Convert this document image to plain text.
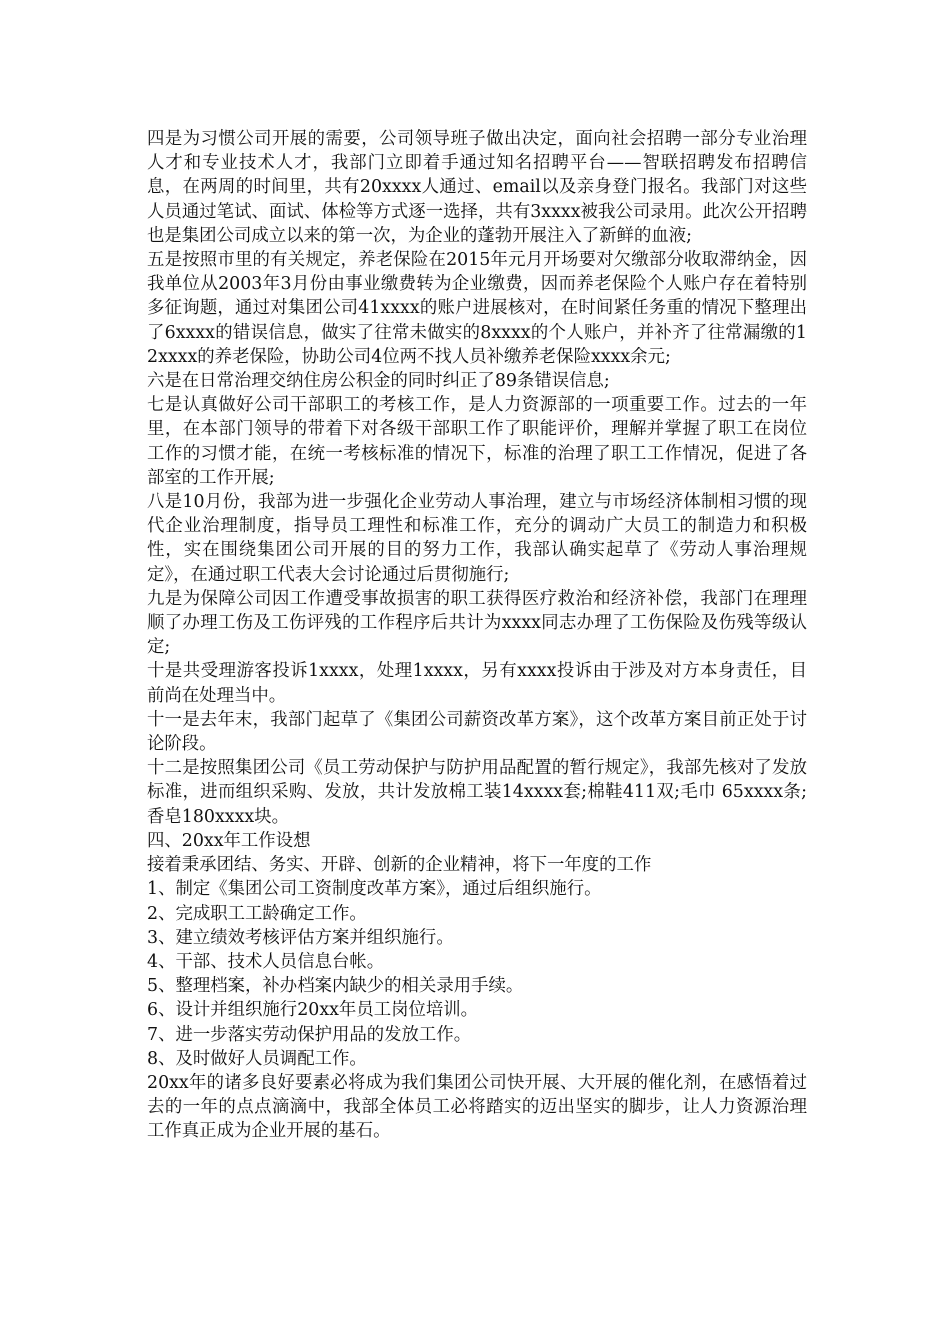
四是为习惯公司开展的需要，公司领导班子做出决定，面向社会招聘一部分专业治理人才和专业技术人才，我部门立即着手通过知名招聘平台——智联招聘发布招聘信息，在两周的时间里，共有20xxxx人通过、email以及亲身登门报名。我部门对这些人员通过笔试、面试、体检等方式逐一选择，共有3xxxx被我公司录用。此次公开招聘也是集团公司成立以来的第一次，为企业的蓬勃开展注入了新鲜的血液;

五是按照市里的有关规定，养老保险在2015年元月开场要对欠缴部分收取滞纳金，因我单位从2003年3月份由事业缴费转为企业缴费，因而养老保险个人账户存在着特别多征询题，通过对集团公司41xxxx的账户进展核对，在时间紧任务重的情况下整理出了6xxxx的错误信息，做实了往常未做实的8xxxx的个人账户，并补齐了往常漏缴的12xxxx的养老保险，协助公司4位两不找人员补缴养老保险xxxx余元;

六是在日常治理交纳住房公积金的同时纠正了89条错误信息;

七是认真做好公司干部职工的考核工作，是人力资源部的一项重要工作。过去的一年里，在本部门领导的带着下对各级干部职工作了职能评价，理解并掌握了职工在岗位工作的习惯才能，在统一考核标准的情况下，标准的治理了职工工作情况，促进了各部室的工作开展;

八是10月份，我部为进一步强化企业劳动人事治理，建立与市场经济体制相习惯的现代企业治理制度，指导员工理性和标准工作，充分的调动广大员工的制造力和积极性，实在围绕集团公司开展的目的努力工作，我部认确实起草了《劳动人事治理规定》，在通过职工代表大会讨论通过后贯彻施行;

九是为保障公司因工作遭受事故损害的职工获得医疗救治和经济补偿，我部门在理理顺了办理工伤及工伤评残的工作程序后共计为xxxx同志办理了工伤保险及伤残等级认定;

十是共受理游客投诉1xxxx，处理1xxxx，另有xxxx投诉由于涉及对方本身责任，目前尚在处理当中。

十一是去年末，我部门起草了《集团公司薪资改革方案》，这个改革方案目前正处于讨论阶段。

十二是按照集团公司《员工劳动保护与防护用品配置的暂行规定》，我部先核对了发放标准，进而组织采购、发放，共计发放棉工装14xxxx套;棉鞋411双;毛巾 65xxxx条;香皂180xxxx块。

四、20xx年工作设想

接着秉承团结、务实、开辟、创新的企业精神，将下一年度的工作

1、制定《集团公司工资制度改革方案》，通过后组织施行。

2、完成职工工龄确定工作。

3、建立绩效考核评估方案并组织施行。

4、干部、技术人员信息台帐。

5、整理档案，补办档案内缺少的相关录用手续。

6、设计并组织施行20xx年员工岗位培训。

7、进一步落实劳动保护用品的发放工作。

8、及时做好人员调配工作。

20xx年的诸多良好要素必将成为我们集团公司快开展、大开展的催化剂，在感悟着过去的一年的点点滴滴中，我部全体员工必将踏实的迈出坚实的脚步，让人力资源治理工作真正成为企业开展的基石。
